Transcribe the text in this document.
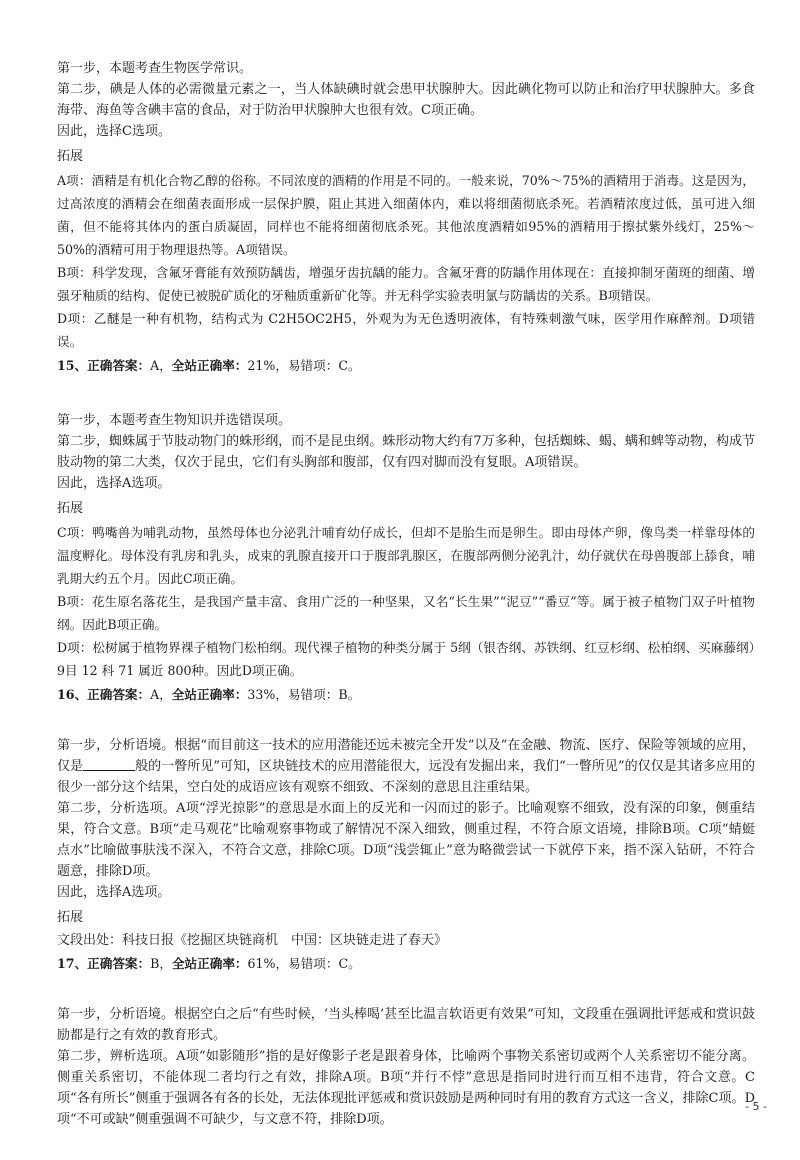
第一步，本题考查生物医学常识。

第二步，碘是人体的必需微量元素之一，当人体缺碘时就会患甲状腺肿大。因此碘化物可以防止和治疗甲状腺肿大。多食海带、海鱼等含碘丰富的食品，对于防治甲状腺肿大也很有效。C项正确。

因此，选择C选项。

拓展

A项：酒精是有机化合物乙醇的俗称。不同浓度的酒精的作用是不同的。一般来说，70%～75%的酒精用于消毒。这是因为，过高浓度的酒精会在细菌表面形成一层保护膜，阻止其进入细菌体内，难以将细菌彻底杀死。若酒精浓度过低，虽可进入细菌，但不能将其体内的蛋白质凝固，同样也不能将细菌彻底杀死。其他浓度酒精如95%的酒精用于擦拭紫外线灯，25%～50%的酒精可用于物理退热等。A项错误。

B项：科学发现，含氟牙膏能有效预防龋齿，增强牙齿抗龋的能力。含氟牙膏的防龋作用体现在：直接抑制牙菌斑的细菌、增强牙釉质的结构、促使已被脱矿质化的牙釉质重新矿化等。并无科学实验表明氯与防龋齿的关系。B项错误。

D项：乙醚是一种有机物，结构式为 C2H5OC2H5，外观为为无色透明液体，有特殊刺激气味，医学用作麻醉剂。D项错误。

15、正确答案：A，全站正确率：21%，易错项：C。

第一步，本题考查生物知识并选错误项。

第二步，蜘蛛属于节肢动物门的蛛形纲，而不是昆虫纲。蛛形动物大约有7万多种，包括蜘蛛、蝎、螨和蜱等动物，构成节肢动物的第二大类，仅次于昆虫，它们有头胸部和腹部，仅有四对脚而没有复眼。A项错误。

因此，选择A选项。

拓展

C项：鸭嘴兽为哺乳动物，虽然母体也分泌乳汁哺育幼仔成长，但却不是胎生而是卵生。即由母体产卵，像鸟类一样靠母体的温度孵化。母体没有乳房和乳头，成束的乳腺直接开口于腹部乳腺区，在腹部两侧分泌乳汁，幼仔就伏在母兽腹部上舔食，哺乳期大约五个月。因此C项正确。

B项：花生原名落花生，是我国产量丰富、食用广泛的一种坚果，又名“长生果”“泥豆”“番豆”等。属于被子植物门双子叶植物纲。因此B项正确。

D项：松树属于植物界裸子植物门松柏纲。现代裸子植物的种类分属于 5纲（银杏纲、苏铁纲、红豆杉纲、松柏纲、买麻藤纲）9目 12 科 71 属近 800种。因此D项正确。

16、正确答案：A，全站正确率：33%，易错项：B。

第一步，分析语境。根据“而目前这一技术的应用潜能还远未被完全开发”以及“在金融、物流、医疗、保险等领域的应用，仅是	般的一瞥所见”可知，区块链技术的应用潜能很大，远没有发掘出来，我们“一瞥所见”的仅仅是其诸多应用的很少一部分这个结果，空白处的成语应该有观察不细致、不深刻的意思且注重结果。

第二步，分析选项。A项“浮光掠影”的意思是水面上的反光和一闪而过的影子。比喻观察不细致，没有深的印象，侧重结果，符合文意。B项“走马观花”比喻观察事物或了解情况不深入细致，侧重过程，不符合原文语境，排除B项。C项“蜻蜓点水”比喻做事肤浅不深入，不符合文意，排除C项。D项“浅尝辄止”意为略微尝试一下就停下来，指不深入钻研，不符合题意，排除D项。

因此，选择A选项。

拓展

文段出处：科技日报《挖掘区块链商机　中国：区块链走进了春天》

17、正确答案：B，全站正确率：61%，易错项：C。

第一步，分析语境。根据空白之后“有些时候，‘当头棒喝’甚至比温言软语更有效果”可知，文段重在强调批评惩戒和赏识鼓励都是行之有效的教育形式。

第二步，辨析选项。A项“如影随形”指的是好像影子老是跟着身体，比喻两个事物关系密切或两个人关系密切不能分离。侧重关系密切，不能体现二者均行之有效，排除A项。B项“并行不悖”意思是指同时进行而互相不违背，符合文意。C项“各有所长”侧重于强调各有各的长处，无法体现批评惩戒和赏识鼓励是两种同时有用的教育方式这一含义，排除C项。D项“不可或缺”侧重强调不可缺少，与文意不符，排除D项。

- 5 -
